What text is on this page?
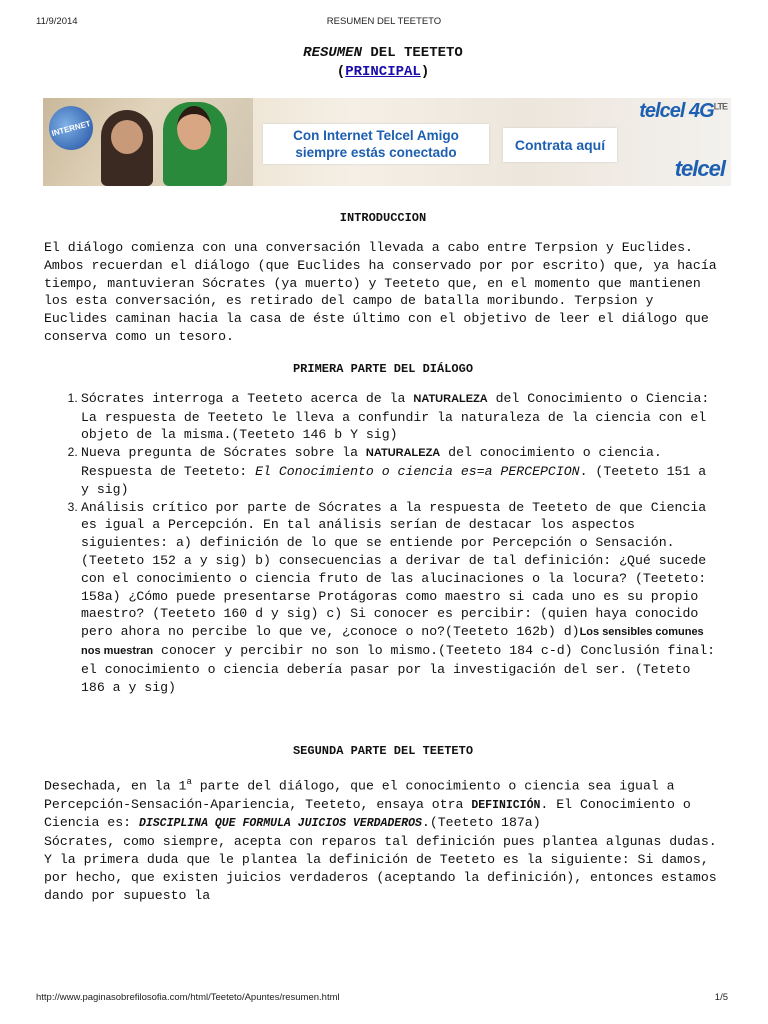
11/9/2014	RESUMEN DEL TEETETO
RESUMEN DEL TEETETO
(PRINCIPAL)
INTERNET	Con Internet Telcel Amigo
siempre estás conectado	Contrata aquí
telcel $4G^{LTE}$
telcel
INTRODUCCION

El diálogo comienza con una conversación llevada a cabo entre Terpsion y Euclides. Ambos recuerdan el diálogo (que Euclides ha conservado por por escrito) que, ya hacía tiempo, mantuvieran Sócrates (ya muerto) y Teeteto que, en el momento que mantienen los esta conversación, es retirado del campo de batalla moribundo. Terpsion y Euclides caminan hacia la casa de éste último con el objetivo de leer el diálogo que conserva como un tesoro.

PRIMERA PARTE DEL DIÁLOGO
1. Sócrates interroga a Teeteto acerca de la NATURALEZA del Conocimiento o Ciencia: La respuesta de Teeteto le lleva a confundir la naturaleza de la ciencia con el objeto de la misma.(Teeteto 146 b Y sig)
2. Nueva pregunta de Sócrates sobre la NATURALEZA del conocimiento o ciencia. Respuesta de Teeteto: El Conocimiento o ciencia es=a PERCEPCION. (Teeteto 151 a y sig)
3. Análisis crítico por parte de Sócrates a la respuesta de Teeteto de que Ciencia es igual a Percepción. En tal análisis serían de destacar los aspectos siguientes: a) definición de lo que se entiende por Percepción o Sensación. (Teeteto 152 a y sig) b) consecuencias a derivar de tal definición: ¿Qué sucede con el conocimiento o ciencia fruto de las alucinaciones o la locura? (Teeteto: 158a) ¿Cómo puede presentarse Protágoras como maestro si cada uno es su propio maestro? (Teeteto 160 d y sig) c) Si conocer es percibir: (quien haya conocido pero ahora no percibe lo que ve, ¿conoce o no?(Teeteto 162b) d)Los sensibles comunes nos muestran conocer y percibir no son lo mismo.(Teeteto 184 c-d) Conclusión final: el conocimiento o ciencia debería pasar por la investigación del ser. (Teteto 186 a y sig)
SEGUNDA PARTE DEL TEETETO

Desechada, en la 1$^a$ parte del diálogo, que el conocimiento o ciencia sea igual a Percepción-Sensación-Apariencia, Teeteto, ensaya otra DEFINICIÓN. El Conocimiento o Ciencia es: DISCIPLINA QUE FORMULA JUICIOS VERDADEROS.(Teeteto 187a)

Sócrates, como siempre, acepta con reparos tal definición pues plantea algunas dudas. Y la primera duda que le plantea la definición de Teeteto es la siguiente: Si damos, por hecho, que existen juicios verdaderos (aceptando la definición), entonces estamos dando por supuesto la

http://www.paginasobrefilosofia.com/html/Teeteto/Apuntes/resumen.html	1/5
